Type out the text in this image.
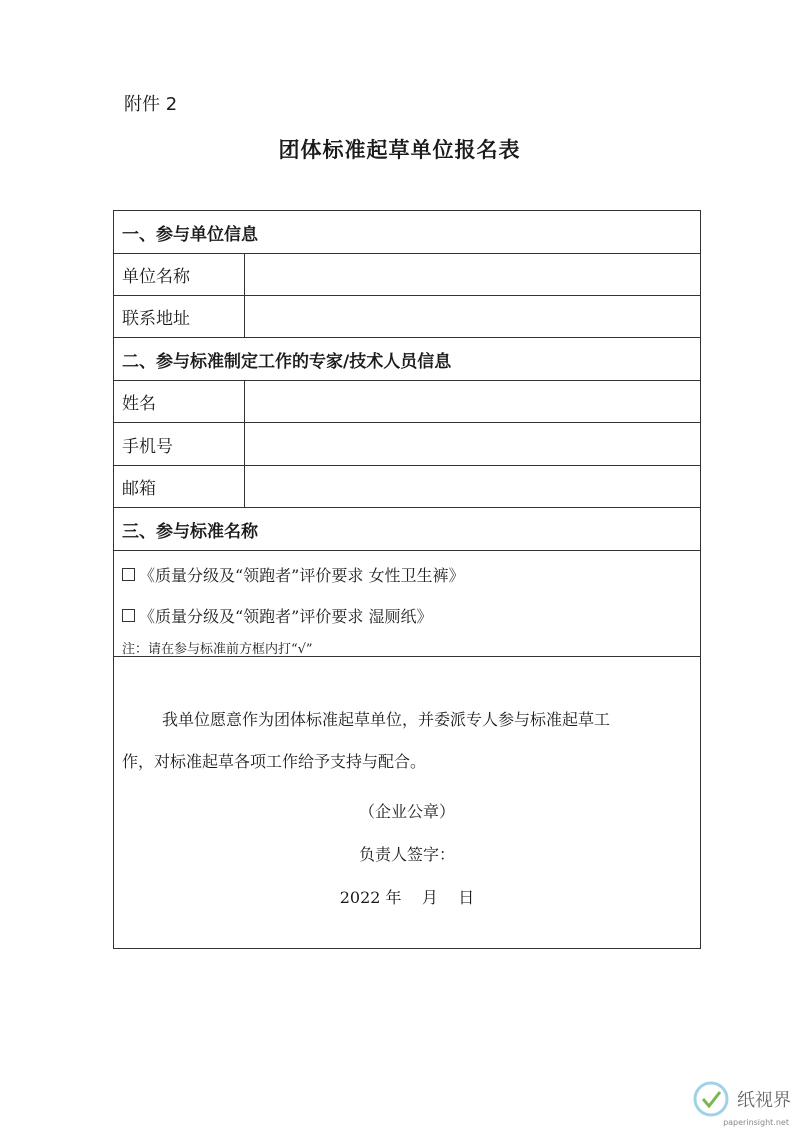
附件 2
团体标准起草单位报名表
一、参与单位信息
单位名称
联系地址
二、参与标准制定工作的专家/技术人员信息
姓名
手机号
邮箱
三、参与标准名称
《质量分级及“领跑者”评价要求 女性卫生裤》
《质量分级及“领跑者”评价要求 湿厕纸》
注：请在参与标准前方框内打“√”
我单位愿意作为团体标准起草单位，并委派专人参与标准起草工
作，对标准起草各项工作给予支持与配合。
（企业公章）
负责人签字：
2022 年    月    日
纸视界
paperinsight.net
